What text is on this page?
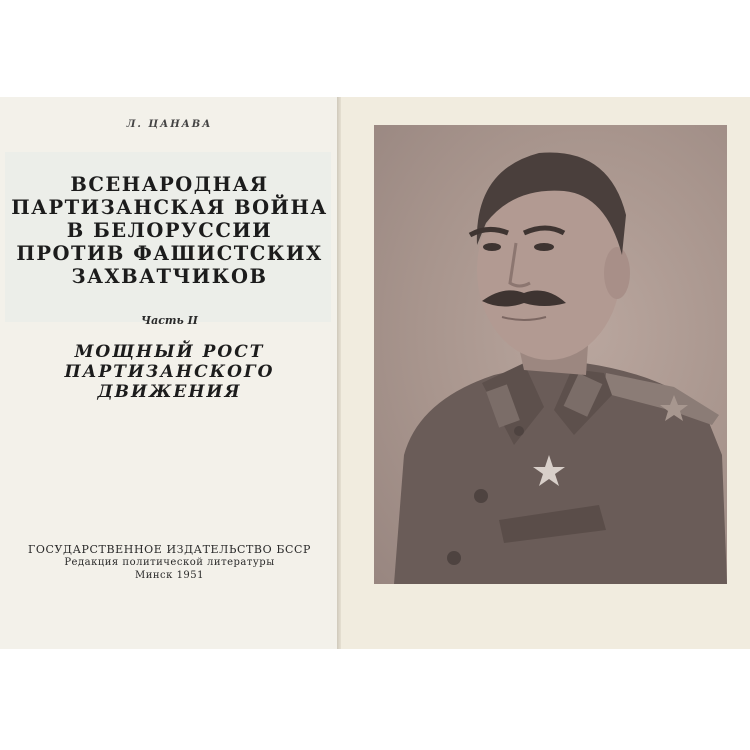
Л. ЦАНАВА
ВСЕНАРОДНАЯ
ПАРТИЗАНСКАЯ ВОЙНА
В БЕЛОРУССИИ
ПРОТИВ ФАШИСТСКИХ
ЗАХВАТЧИКОВ
Часть II
МОЩНЫЙ РОСТ
ПАРТИЗАНСКОГО
ДВИЖЕНИЯ
ГОСУДАРСТВЕННОЕ ИЗДАТЕЛЬСТВО БССР
Редакция политической литературы
Минск 1951
